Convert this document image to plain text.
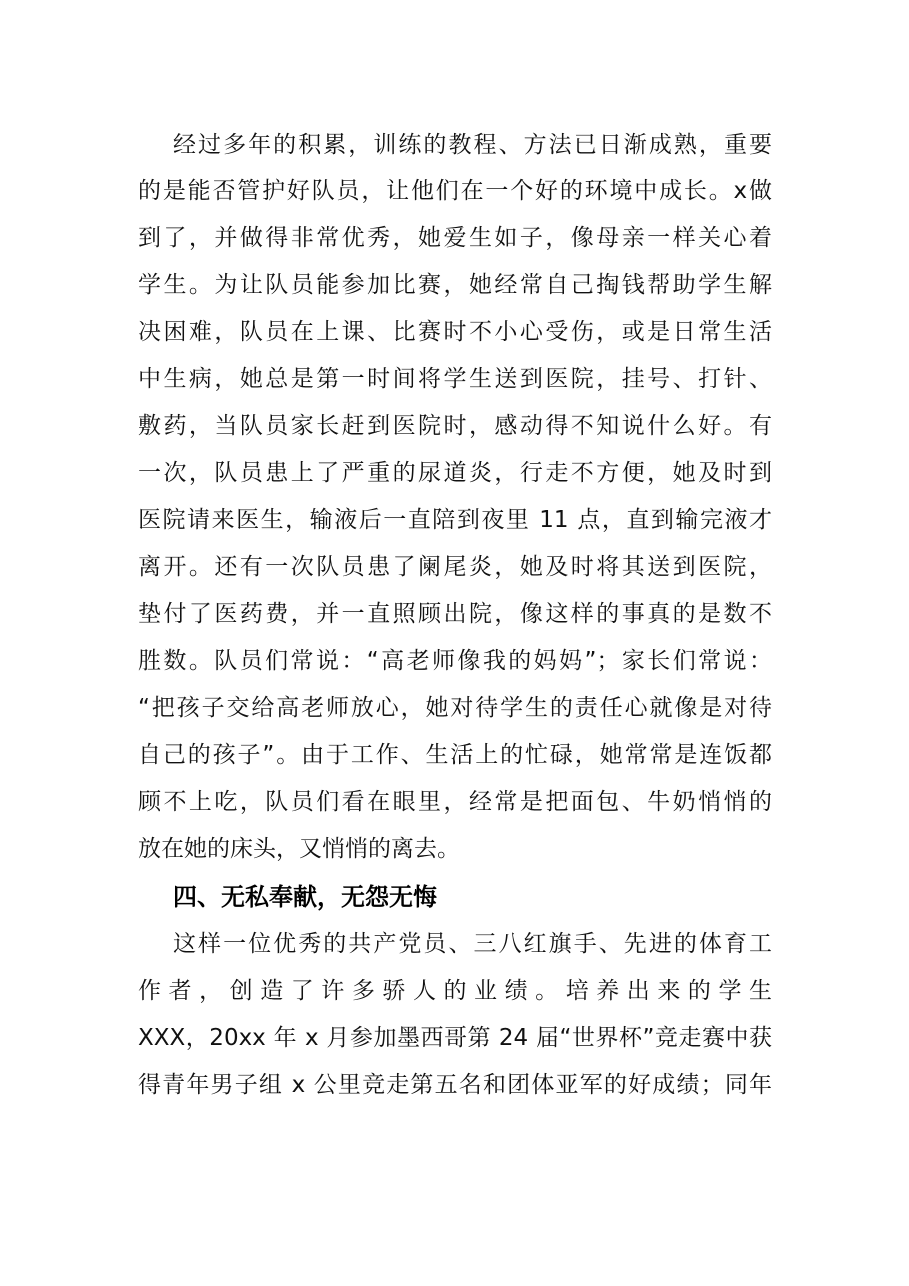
经过多年的积累，训练的教程、方法已日渐成熟，重要
的是能否管护好队员，让他们在一个好的环境中成长。x做
到了，并做得非常优秀，她爱生如子，像母亲一样关心着
学生。为让队员能参加比赛，她经常自己掏钱帮助学生解
决困难，队员在上课、比赛时不小心受伤，或是日常生活
中生病，她总是第一时间将学生送到医院，挂号、打针、
敷药，当队员家长赶到医院时，感动得不知说什么好。有
一次，队员患上了严重的尿道炎，行走不方便，她及时到
医院请来医生，输液后一直陪到夜里 11 点，直到输完液才
离开。还有一次队员患了阑尾炎，她及时将其送到医院，
垫付了医药费，并一直照顾出院，像这样的事真的是数不
胜数。队员们常说：“高老师像我的妈妈”；家长们常说：
“把孩子交给高老师放心，她对待学生的责任心就像是对待
自己的孩子”。由于工作、生活上的忙碌，她常常是连饭都
顾不上吃，队员们看在眼里，经常是把面包、牛奶悄悄的
放在她的床头，又悄悄的离去。
四、无私奉献，无怨无悔
这样一位优秀的共产党员、三八红旗手、先进的体育工
作者，创造了许多骄人的业绩。培养出来的学生
XXX，20xx 年 x 月参加墨西哥第 24 届“世界杯”竞走赛中获
得青年男子组 x 公里竞走第五名和团体亚军的好成绩；同年
